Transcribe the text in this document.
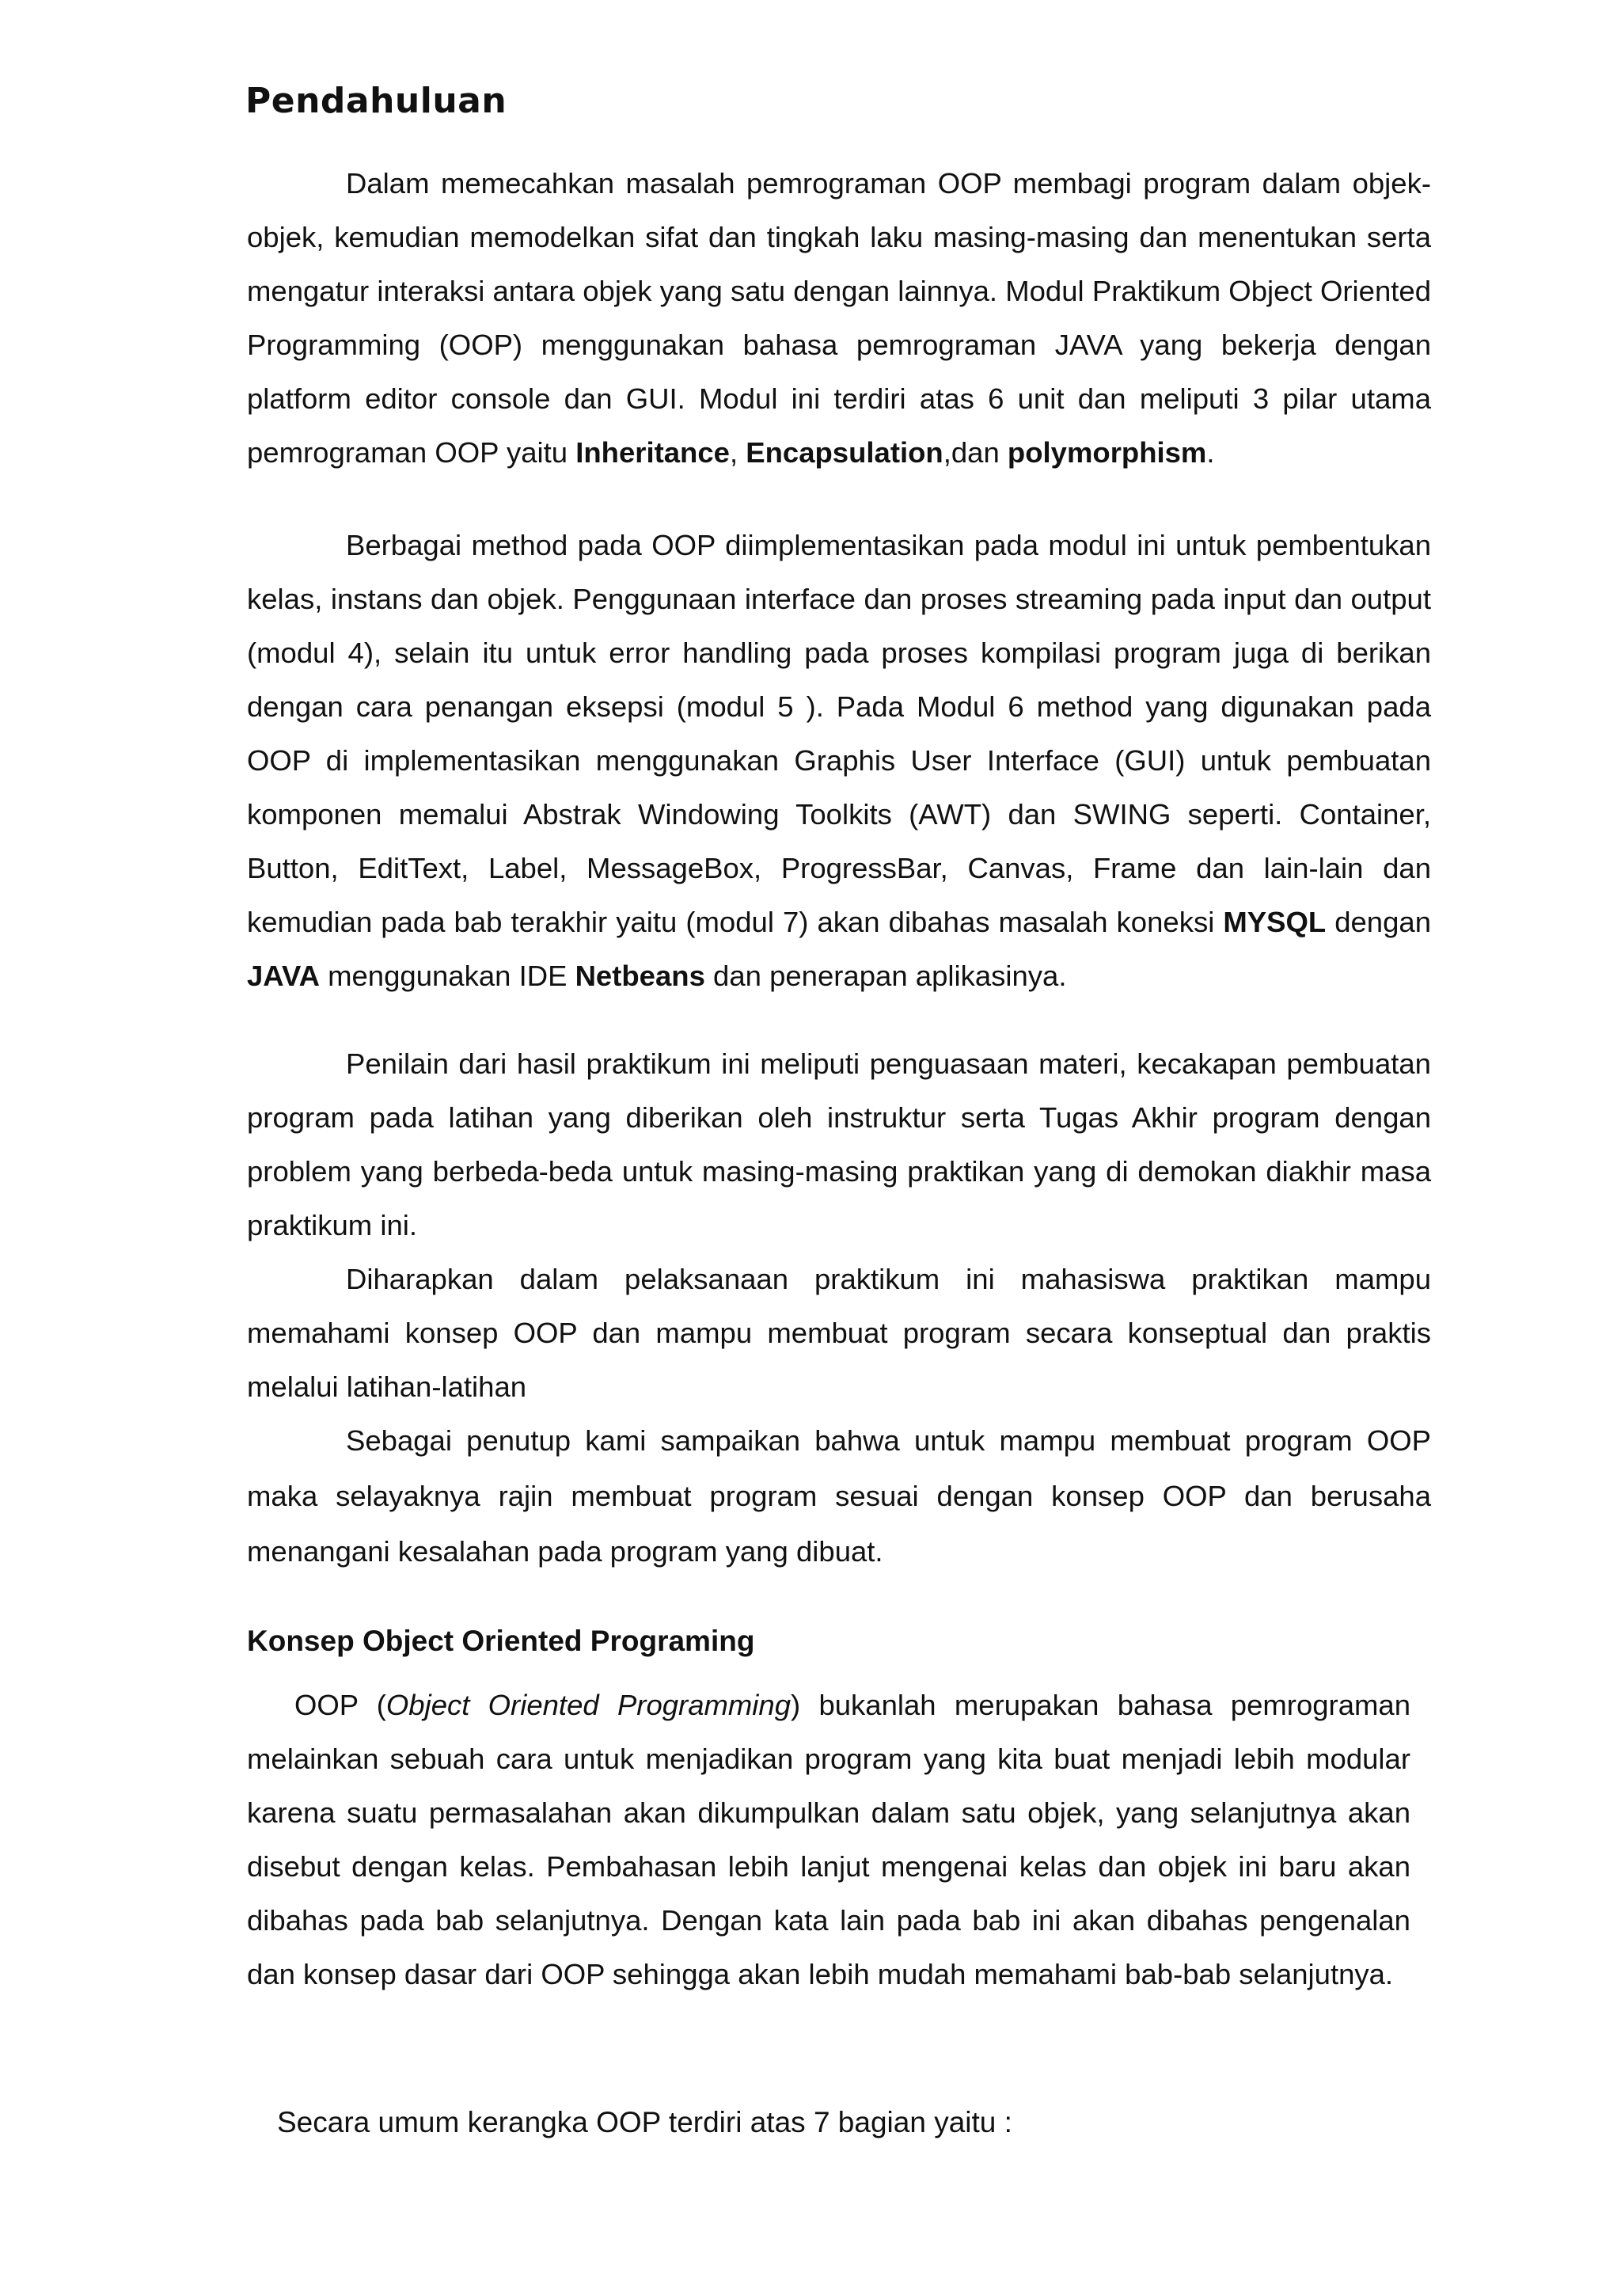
Pendahuluan

Dalam memecahkan masalah pemrograman OOP membagi program dalam objek-objek, kemudian memodelkan sifat dan tingkah laku masing-masing dan menentukan serta mengatur interaksi antara objek yang satu dengan lainnya. Modul Praktikum Object Oriented Programming (OOP) menggunakan bahasa pemrograman JAVA yang bekerja dengan platform editor console dan GUI. Modul ini terdiri atas 6 unit dan meliputi 3 pilar utama pemrograman OOP yaitu Inheritance, Encapsulation,dan polymorphism.

Berbagai method pada OOP diimplementasikan pada modul ini untuk pembentukan kelas, instans dan objek. Penggunaan interface dan proses streaming pada input dan output (modul 4), selain itu untuk error handling pada proses kompilasi program juga di berikan dengan cara penangan eksepsi (modul 5 ). Pada Modul 6 method yang digunakan pada OOP di implementasikan menggunakan Graphis User Interface (GUI) untuk pembuatan komponen memalui Abstrak Windowing Toolkits (AWT) dan SWING seperti. Container, Button, EditText, Label, MessageBox, ProgressBar, Canvas, Frame dan lain-lain dan kemudian pada bab terakhir yaitu (modul 7) akan dibahas masalah koneksi MYSQL dengan JAVA menggunakan IDE Netbeans dan penerapan aplikasinya.

Penilain dari hasil praktikum ini meliputi penguasaan materi, kecakapan pembuatan program pada latihan yang diberikan oleh instruktur serta Tugas Akhir program dengan problem yang berbeda-beda untuk masing-masing praktikan yang di demokan diakhir masa praktikum ini.

Diharapkan dalam pelaksanaan praktikum ini mahasiswa praktikan mampu memahami konsep OOP dan mampu membuat program secara konseptual dan praktis melalui latihan-latihan

Sebagai penutup kami sampaikan bahwa untuk mampu membuat program OOP maka selayaknya rajin membuat program sesuai dengan konsep OOP dan berusaha menangani kesalahan pada program yang dibuat.

Konsep Object Oriented Programing

OOP (Object Oriented Programming) bukanlah merupakan bahasa pemrograman melainkan sebuah cara untuk menjadikan program yang kita buat menjadi lebih modular karena suatu permasalahan akan dikumpulkan dalam satu objek, yang selanjutnya akan disebut dengan kelas. Pembahasan lebih lanjut mengenai kelas dan objek ini baru akan dibahas pada bab selanjutnya. Dengan kata lain pada bab ini akan dibahas pengenalan dan konsep dasar dari OOP sehingga akan lebih mudah memahami bab-bab selanjutnya.

Secara umum kerangka OOP terdiri atas 7 bagian yaitu :
